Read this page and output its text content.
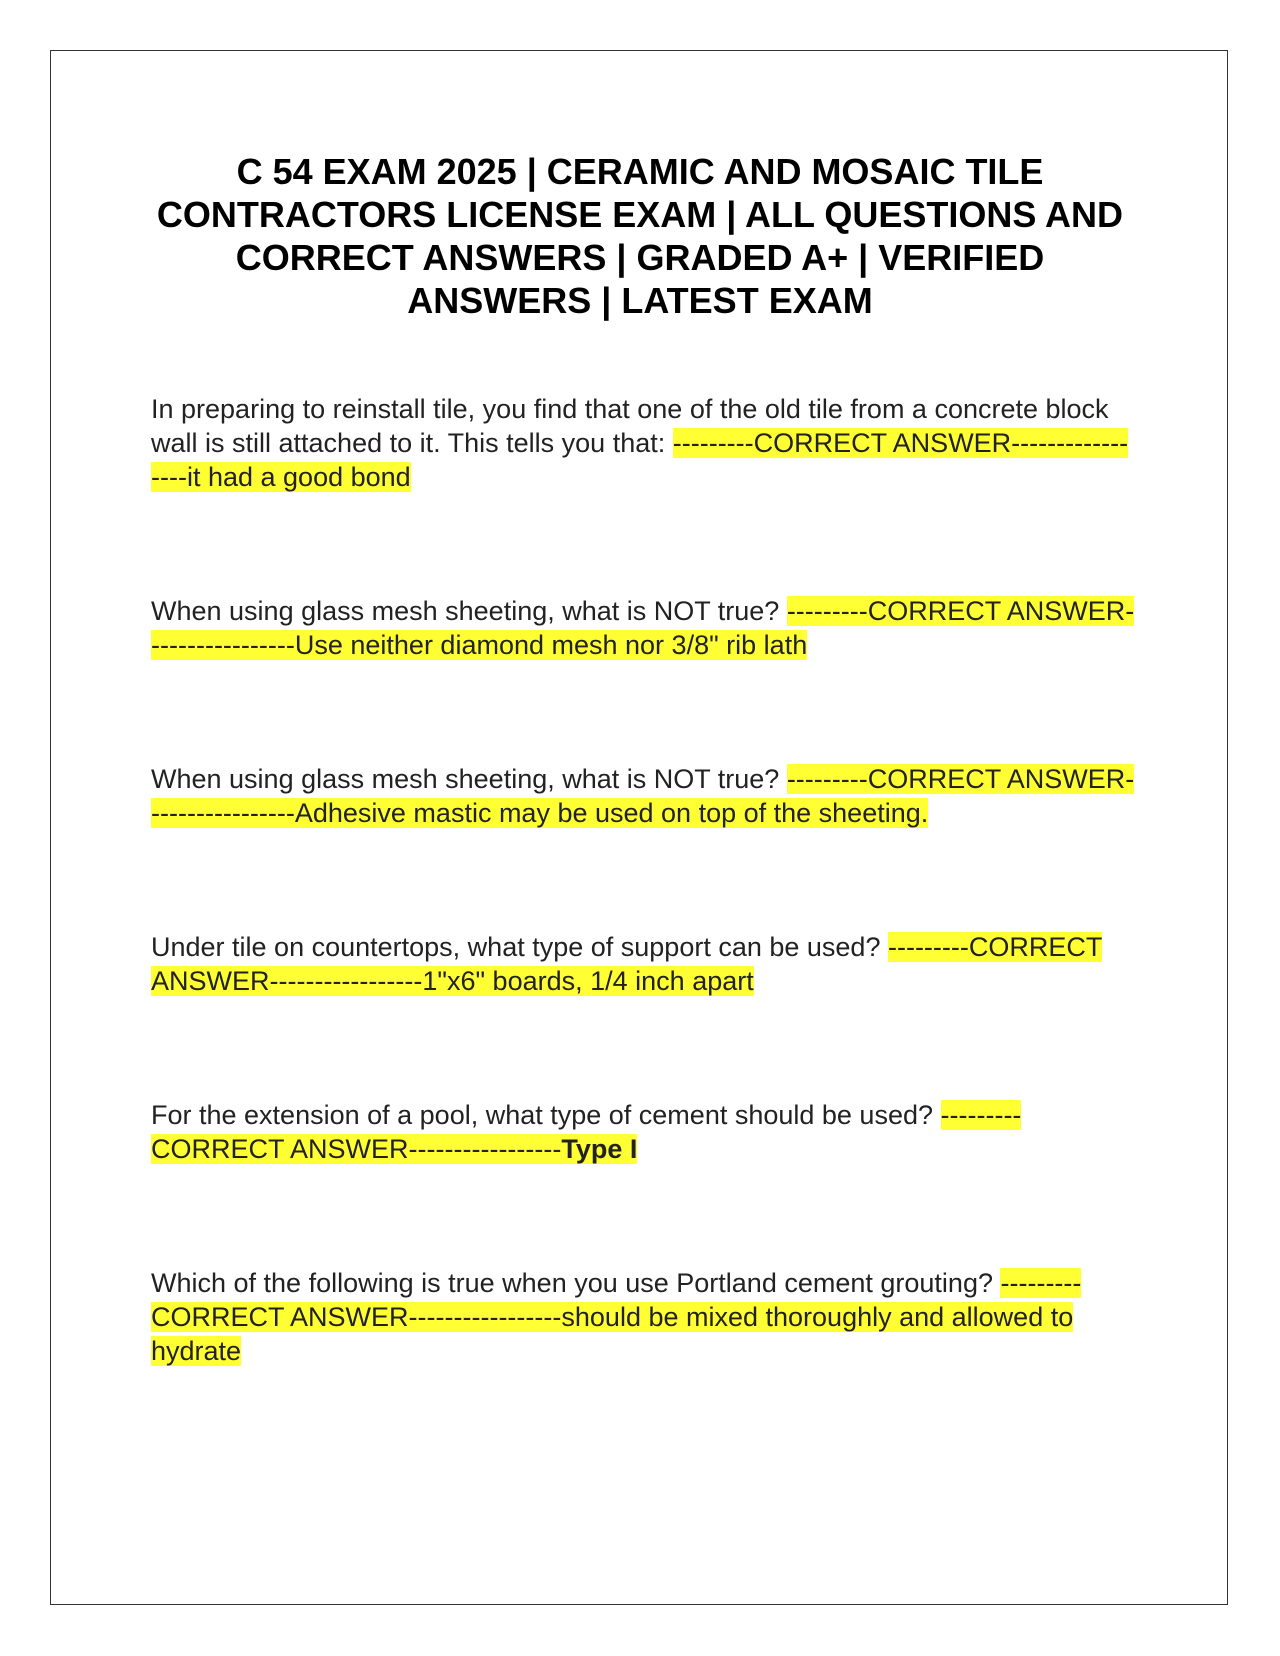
C 54 EXAM 2025 | CERAMIC AND MOSAIC TILE CONTRACTORS LICENSE EXAM | ALL QUESTIONS AND CORRECT ANSWERS | GRADED A+ | VERIFIED ANSWERS | LATEST EXAM

In preparing to reinstall tile, you find that one of the old tile from a concrete block wall is still attached to it. This tells you that: ---------CORRECT ANSWER-----------------it had a good bond

When using glass mesh sheeting, what is NOT true? ---------CORRECT ANSWER-----------------Use neither diamond mesh nor 3/8" rib lath

When using glass mesh sheeting, what is NOT true? ---------CORRECT ANSWER-----------------Adhesive mastic may be used on top of the sheeting.

Under tile on countertops, what type of support can be used? ---------CORRECT ANSWER-----------------1"x6" boards, 1/4 inch apart

For the extension of a pool, what type of cement should be used? ---------CORRECT ANSWER-----------------Type I

Which of the following is true when you use Portland cement grouting? ---------CORRECT ANSWER-----------------should be mixed thoroughly and allowed to hydrate
